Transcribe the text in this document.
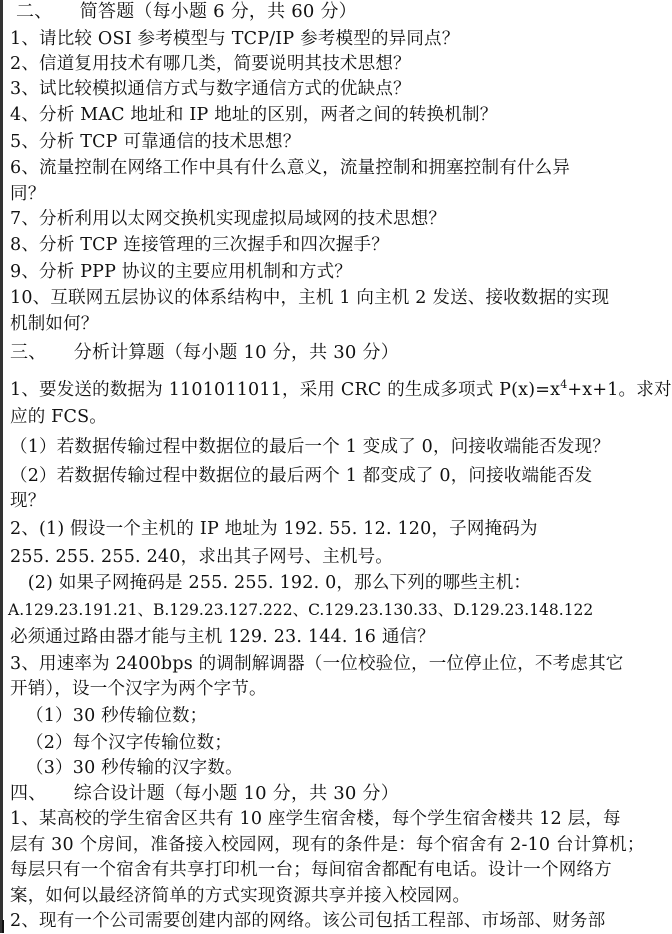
二、　　简答题（每小题 6 分，共 60 分）
1、请比较 OSI 参考模型与 TCP/IP 参考模型的异同点？
2、信道复用技术有哪几类，简要说明其技术思想？
3、试比较模拟通信方式与数字通信方式的优缺点？
4、分析 MAC 地址和 IP 地址的区别，两者之间的转换机制？
5、分析 TCP 可靠通信的技术思想？
6、流量控制在网络工作中具有什么意义，流量控制和拥塞控制有什么异
同？
7、分析利用以太网交换机实现虚拟局域网的技术思想？
8、分析 TCP 连接管理的三次握手和四次握手？
9、分析 PPP 协议的主要应用机制和方式？
10、互联网五层协议的体系结构中，主机 1 向主机 2 发送、接收数据的实现
机制如何？
三、　　分析计算题（每小题 10 分，共 30 分）
1、要发送的数据为 1101011011，采用 CRC 的生成多项式 $P(x)=x^4+x+1$。求对
应的 FCS。
（1）若数据传输过程中数据位的最后一个 1 变成了 0，问接收端能否发现？
（2）若数据传输过程中数据位的最后两个 1 都变成了 0，问接收端能否发
现？
2、(1) 假设一个主机的 IP 地址为 192. 55. 12. 120，子网掩码为
255. 255. 255. 240，求出其子网号、主机号。
　(2) 如果子网掩码是 255. 255. 192. 0，那么下列的哪些主机：
A.129.23.191.21、B.129.23.127.222、C.129.23.130.33、D.129.23.148.122
必须通过路由器才能与主机 129. 23. 144. 16 通信？
3、用速率为 2400bps 的调制解调器（一位校验位，一位停止位，不考虑其它
开销），设一个汉字为两个字节。
（1）30 秒传输位数；
（2）每个汉字传输位数；
（3）30 秒传输的汉字数。
四、　　综合设计题（每小题 10 分，共 30 分）
1、某高校的学生宿舍区共有 10 座学生宿舍楼，每个学生宿舍楼共 12 层，每
层有 30 个房间，准备接入校园网，现有的条件是：每个宿舍有 2-10 台计算机；
每层只有一个宿舍有共享打印机一台；每间宿舍都配有电话。设计一个网络方
案，如何以最经济简单的方式实现资源共享并接入校园网。
2、现有一个公司需要创建内部的网络。该公司包括工程部、市场部、财务部
